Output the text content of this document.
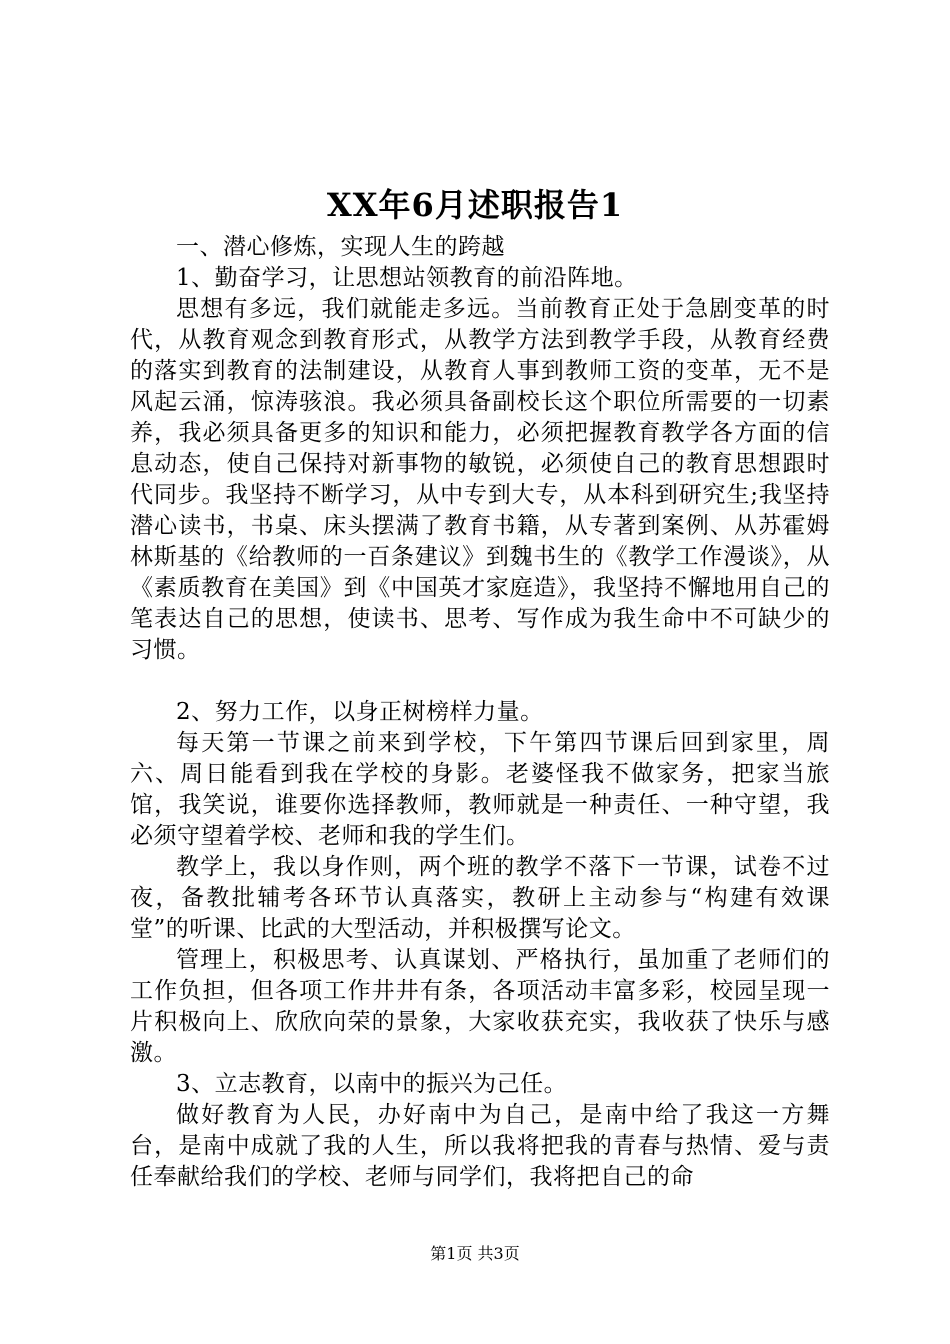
XX年6月述职报告1

一、潜心修炼，实现人生的跨越

1、勤奋学习，让思想站领教育的前沿阵地。

思想有多远，我们就能走多远。当前教育正处于急剧变革的时代，从教育观念到教育形式，从教学方法到教学手段，从教育经费的落实到教育的法制建设，从教育人事到教师工资的变革，无不是风起云涌，惊涛骇浪。我必须具备副校长这个职位所需要的一切素养，我必须具备更多的知识和能力，必须把握教育教学各方面的信息动态，使自己保持对新事物的敏锐，必须使自己的教育思想跟时代同步。我坚持不断学习，从中专到大专，从本科到研究生;我坚持潜心读书，书桌、床头摆满了教育书籍，从专著到案例、从苏霍姆林斯基的《给教师的一百条建议》到魏书生的《教学工作漫谈》，从《素质教育在美国》到《中国英才家庭造》，我坚持不懈地用自己的笔表达自己的思想，使读书、思考、写作成为我生命中不可缺少的习惯。

2、努力工作，以身正树榜样力量。

每天第一节课之前来到学校，下午第四节课后回到家里，周六、周日能看到我在学校的身影。老婆怪我不做家务，把家当旅馆，我笑说，谁要你选择教师，教师就是一种责任、一种守望，我必须守望着学校、老师和我的学生们。

教学上，我以身作则，两个班的教学不落下一节课，试卷不过夜，备教批辅考各环节认真落实，教研上主动参与“构建有效课堂”的听课、比武的大型活动，并积极撰写论文。

管理上，积极思考、认真谋划、严格执行，虽加重了老师们的工作负担，但各项工作井井有条，各项活动丰富多彩，校园呈现一片积极向上、欣欣向荣的景象，大家收获充实，我收获了快乐与感激。

3、立志教育，以南中的振兴为己任。

做好教育为人民，办好南中为自己，是南中给了我这一方舞台，是南中成就了我的人生，所以我将把我的青春与热情、爱与责任奉献给我们的学校、老师与同学们，我将把自己的命

第1页 共3页
